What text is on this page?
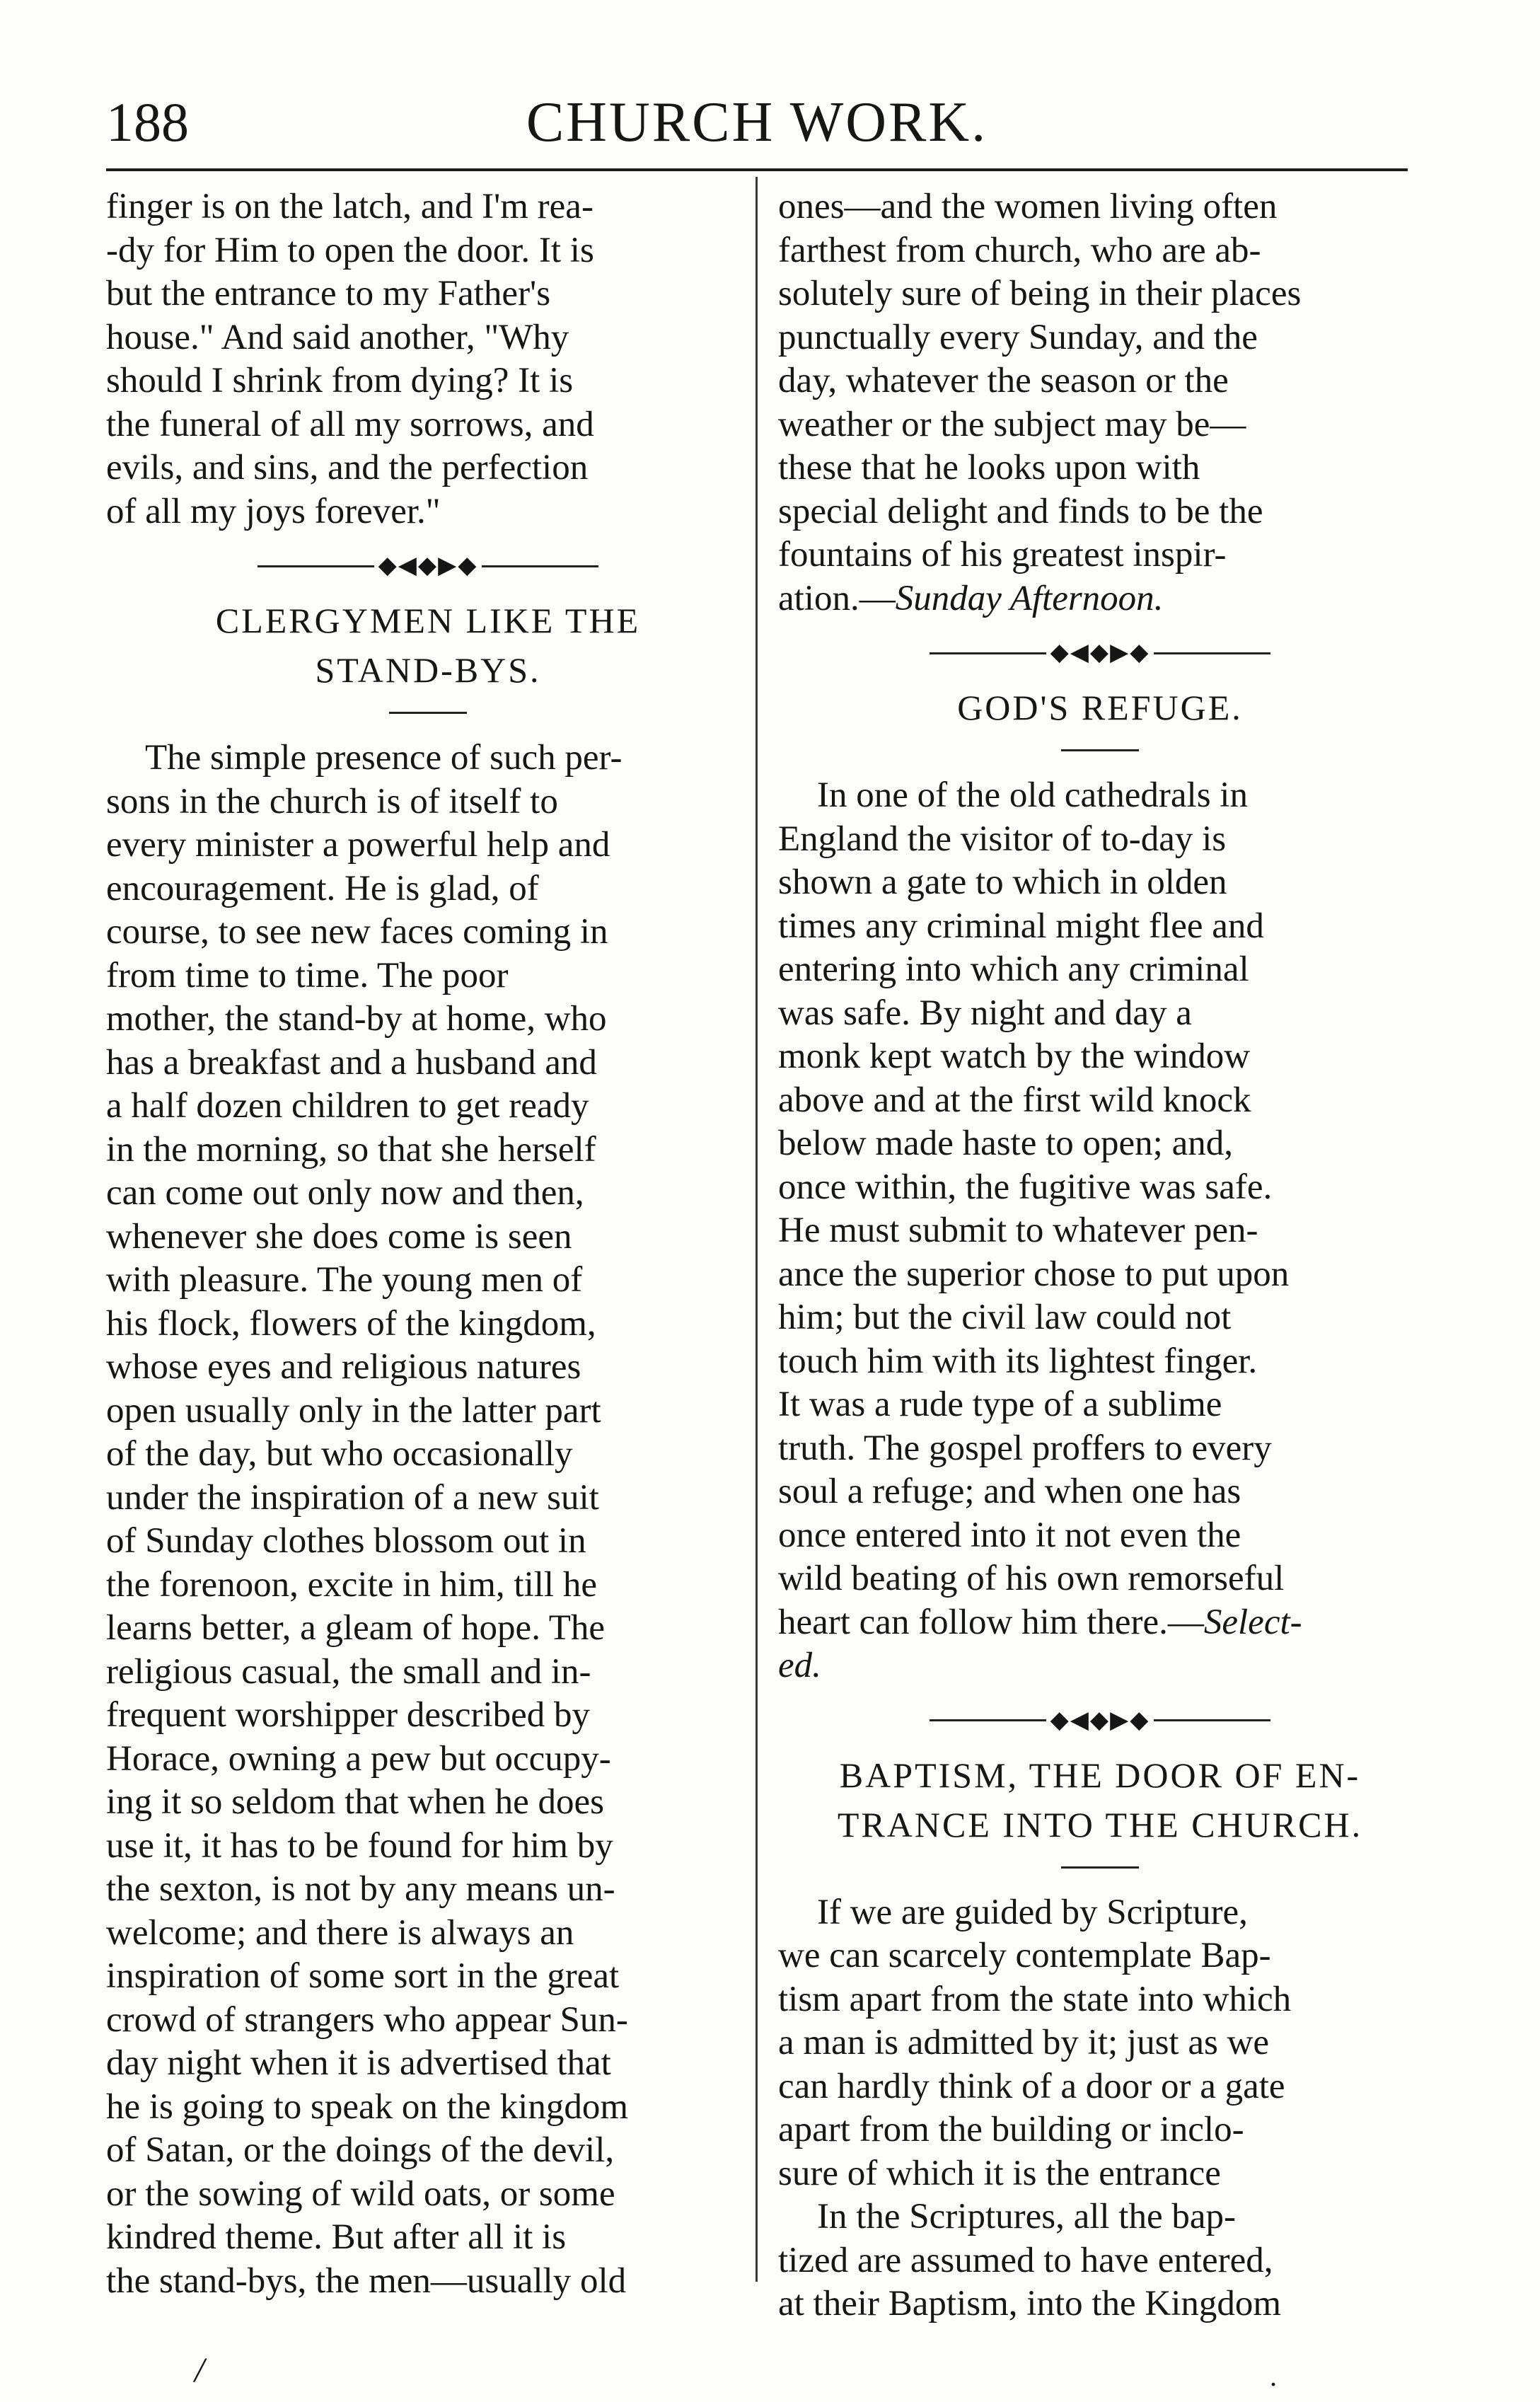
188	CHURCH WORK.

finger is on the latch, and I'm rea-

-dy for Him to open the door. It is

but the entrance to my Father's

house." And said another, "Why

should I shrink from dying? It is

the funeral of all my sorrows, and

evils, and sins, and the perfection

of all my joys forever."

◆◀◆▶◆
CLERGYMEN LIKE THE
STAND-BYS.

The simple presence of such per-

sons in the church is of itself to

every minister a powerful help and

encouragement. He is glad, of

course, to see new faces coming in

from time to time. The poor

mother, the stand-by at home, who

has a breakfast and a husband and

a half dozen children to get ready

in the morning, so that she herself

can come out only now and then,

whenever she does come is seen

with pleasure. The young men of

his flock, flowers of the kingdom,

whose eyes and religious natures

open usually only in the latter part

of the day, but who occasionally

under the inspiration of a new suit

of Sunday clothes blossom out in

the forenoon, excite in him, till he

learns better, a gleam of hope. The

religious casual, the small and in-

frequent worshipper described by

Horace, owning a pew but occupy-

ing it so seldom that when he does

use it, it has to be found for him by

the sexton, is not by any means un-

welcome; and there is always an

inspiration of some sort in the great

crowd of strangers who appear Sun-

day night when it is advertised that

he is going to speak on the kingdom

of Satan, or the doings of the devil,

or the sowing of wild oats, or some

kindred theme. But after all it is

the stand-bys, the men—usually old

ones—and the women living often

farthest from church, who are ab-

solutely sure of being in their places

punctually every Sunday, and the

day, whatever the season or the

weather or the subject may be—

these that he looks upon with

special delight and finds to be the

fountains of his greatest inspir-

ation.—Sunday Afternoon.

◆◀◆▶◆
GOD'S REFUGE.

In one of the old cathedrals in

England the visitor of to-day is

shown a gate to which in olden

times any criminal might flee and

entering into which any criminal

was safe. By night and day a

monk kept watch by the window

above and at the first wild knock

below made haste to open; and,

once within, the fugitive was safe.

He must submit to whatever pen-

ance the superior chose to put upon

him; but the civil law could not

touch him with its lightest finger.

It was a rude type of a sublime

truth. The gospel proffers to every

soul a refuge; and when one has

once entered into it not even the

wild beating of his own remorseful

heart can follow him there.—Select-

ed.

◆◀◆▶◆
BAPTISM, THE DOOR OF EN-
TRANCE INTO THE CHURCH.

If we are guided by Scripture,

we can scarcely contemplate Bap-

tism apart from the state into which

a man is admitted by it; just as we

can hardly think of a door or a gate

apart from the building or inclo-

sure of which it is the entrance

In the Scriptures, all the bap-

tized are assumed to have entered,

at their Baptism, into the Kingdom

/	.
